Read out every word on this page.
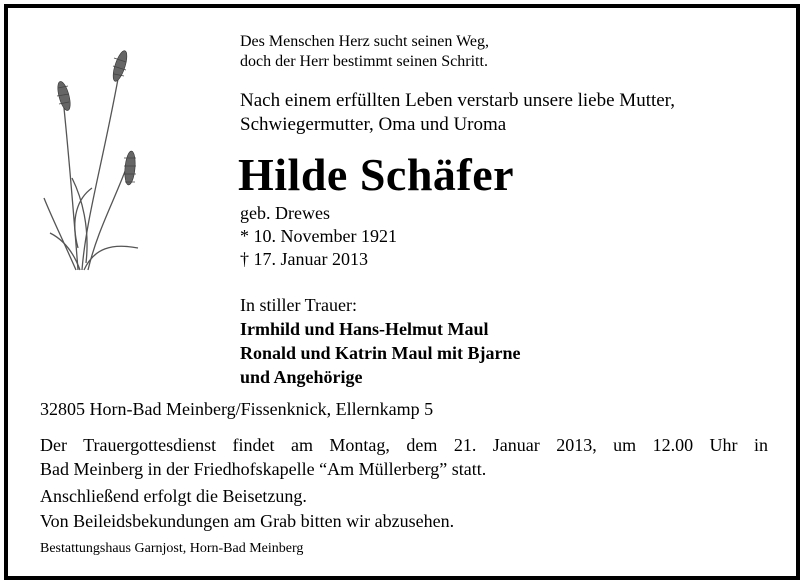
Des Menschen Herz sucht seinen Weg,
doch der Herr bestimmt seinen Schritt.
Nach einem erfüllten Leben verstarb unsere liebe Mutter,
Schwiegermutter, Oma und Uroma
Hilde Schäfer
geb. Drewes
* 10. November 1921
† 17. Januar 2013
In stiller Trauer:
Irmhild und Hans-Helmut Maul
Ronald und Katrin Maul mit Bjarne
und Angehörige
32805 Horn-Bad Meinberg/Fissenknick, Ellernkamp 5
Der Trauergottesdienst findet am Montag, dem 21. Januar 2013, um 12.00 Uhr in
Bad Meinberg in der Friedhofskapelle “Am Müllerberg” statt.
Anschließend erfolgt die Beisetzung.
Von Beileidsbekundungen am Grab bitten wir abzusehen.
Bestattungshaus Garnjost, Horn-Bad Meinberg
